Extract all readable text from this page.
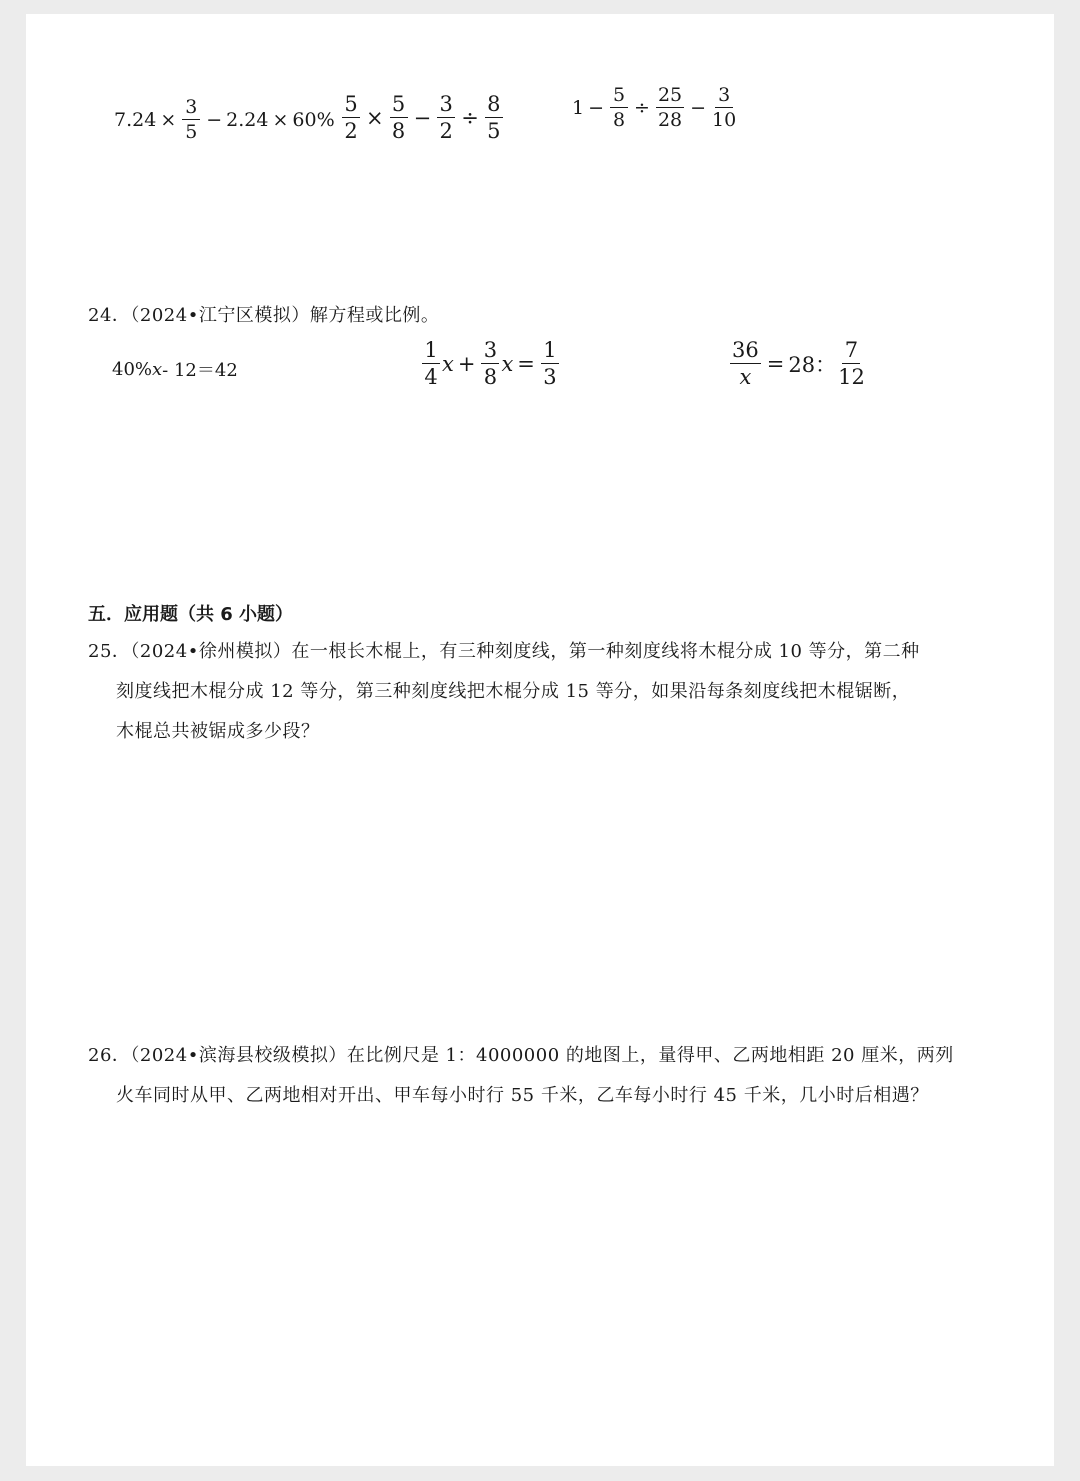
$7.24 \times \frac{3}{5} - 2.24 \times 60\% \frac{5}{2} \times \frac{5}{8} - \frac{3}{2} \div \frac{8}{5}$	$1 - \frac{5}{8} \div \frac{25}{28} - \frac{3}{10}$
24．（2024•江宁区模拟）解方程或比例。
40% x - 12＝42	$\frac{1}{4}$ $x + \frac{3}{8}$ $x = \frac{1}{3}$	$\frac{36}{x} = 28$： $\frac{7}{12}$
五．应用题（共 6 小题）
25．（2024•徐州模拟）在一根长木棍上，有三种刻度线，第一种刻度线将木棍分成 10 等分，第二种
刻度线把木棍分成 12 等分，第三种刻度线把木棍分成 15 等分，如果沿每条刻度线把木棍锯断，
木棍总共被锯成多少段？
26．（2024•滨海县校级模拟）在比例尺是 1：4000000 的地图上，量得甲、乙两地相距 20 厘米，两列
火车同时从甲、乙两地相对开出、甲车每小时行 55 千米，乙车每小时行 45 千米，几小时后相遇？
